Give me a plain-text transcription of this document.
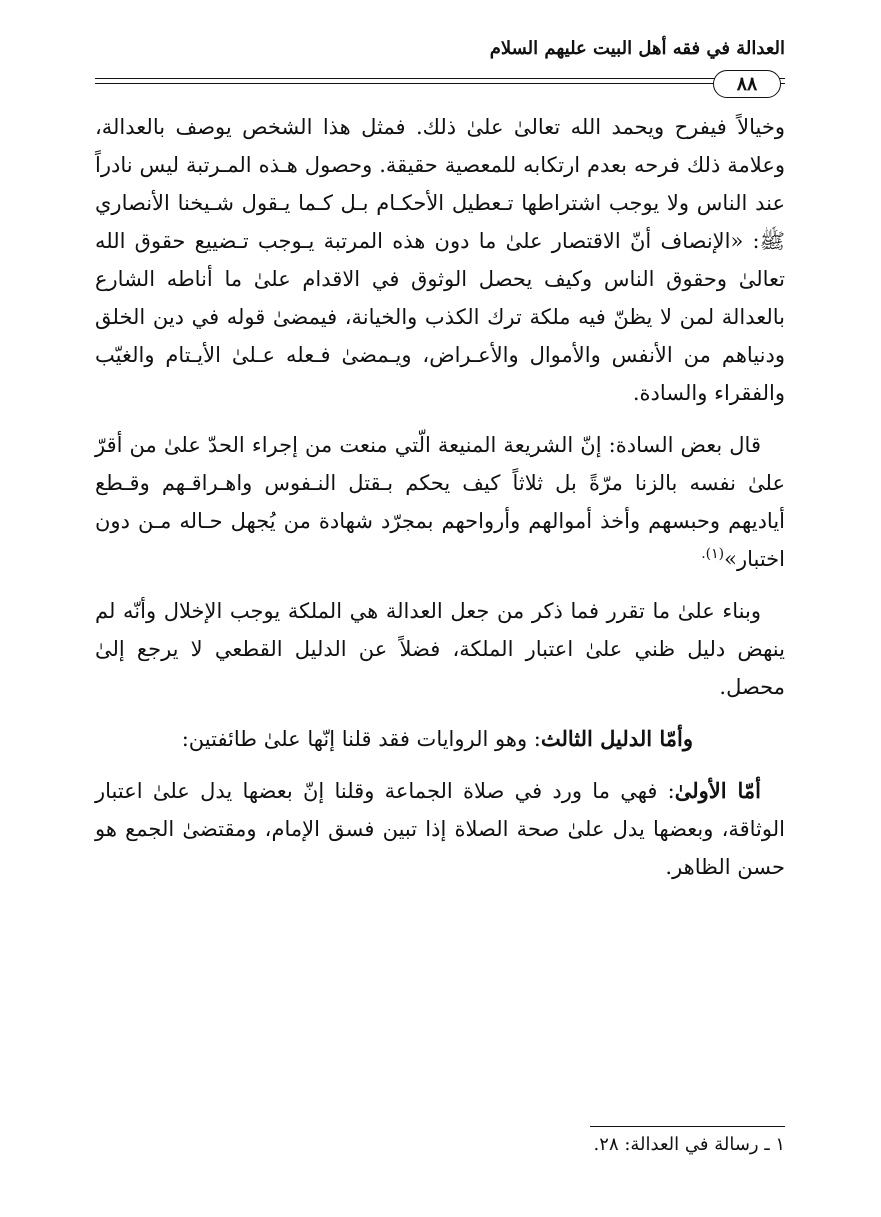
العدالة في فقه أهل البيت عليهم السلام
٨٨

وخيالاً فيفرح ويحمد الله تعالىٰ علىٰ ذلك. فمثل هذا الشخص يوصف بالعدالة، وعلامة ذلك فرحه بعدم ارتكابه للمعصية حقيقة. وحصول هـذه المـرتبة ليس نادراً عند الناس ولا يوجب اشتراطها تـعطيل الأحكـام بـل كـما يـقول شـيخنا الأنصاري ﷺ: «الإنصاف أنّ الاقتصار علىٰ ما دون هذه المرتبة يـوجب تـضييع حقوق الله تعالىٰ وحقوق الناس وكيف يحصل الوثوق في الاقدام علىٰ ما أناطه الشارع بالعدالة لمن لا يظنّ فيه ملكة ترك الكذب والخيانة، فيمضىٰ قوله في دين الخلق ودنياهم من الأنفس والأموال والأعـراض، ويـمضىٰ فـعله عـلىٰ الأيـتام والغيّب والفقراء والسادة.

قال بعض السادة: إنّ الشريعة المنيعة الّتي منعت من إجراء الحدّ علىٰ من أقرّ علىٰ نفسه بالزنا مرّةً بل ثلاثاً كيف يحكم بـقتل النـفوس واهـراقـهم وقـطع أياديهم وحبسهم وأخذ أموالهم وأرواحهم بمجرّد شهادة من يُجهل حـاله مـن دون اختبار»$^{(١).}$

وبناء علىٰ ما تقرر فما ذكر من جعل العدالة هي الملكة يوجب الإخلال وأنّه لم ينهض دليل ظني علىٰ اعتبار الملكة، فضلاً عن الدليل القطعي لا يرجع إلىٰ محصل.

وأمّا الدليل الثالث: وهو الروايات فقد قلنا إنّها علىٰ طائفتين:

أمّا الأولىٰ: فهي ما ورد في صلاة الجماعة وقلنا إنّ بعضها يدل علىٰ اعتبار الوثاقة، وبعضها يدل علىٰ صحة الصلاة إذا تبين فسق الإمام، ومقتضىٰ الجمع هو حسن الظاهر.

١ ـ رسالة في العدالة: ٢٨.
